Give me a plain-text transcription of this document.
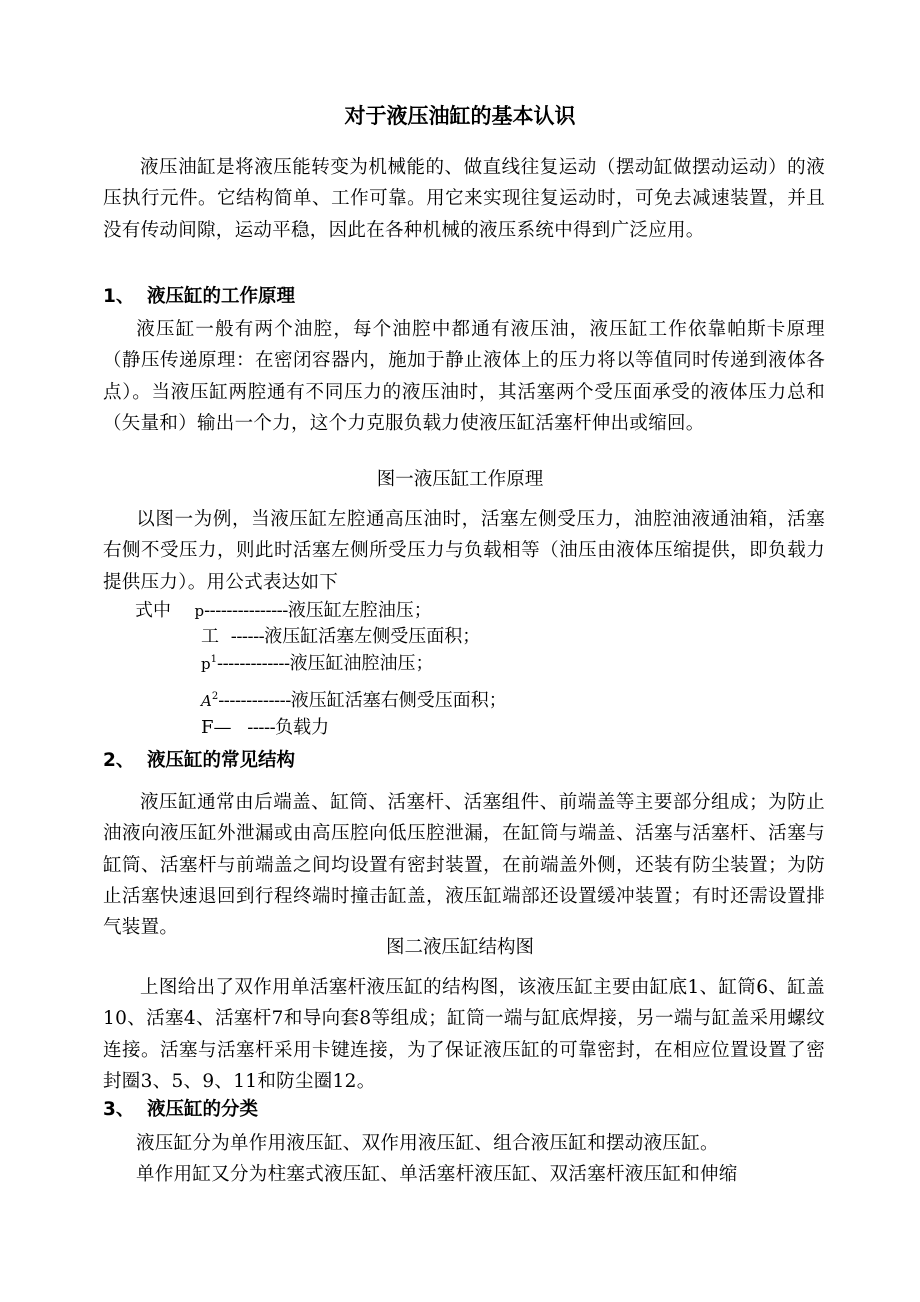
对于液压油缸的基本认识

液压油缸是将液压能转变为机械能的、做直线往复运动（摆动缸做摆动运动）的液压执行元件。它结构简单、工作可靠。用它来实现往复运动时，可免去减速装置，并且没有传动间隙，运动平稳，因此在各种机械的液压系统中得到广泛应用。

1、 液压缸的工作原理

液压缸一般有两个油腔，每个油腔中都通有液压油，液压缸工作依靠帕斯卡原理（静压传递原理：在密闭容器内，施加于静止液体上的压力将以等值同时传递到液体各点）。当液压缸两腔通有不同压力的液压油时，其活塞两个受压面承受的液体压力总和（矢量和）输出一个力，这个力克服负载力使液压缸活塞杆伸出或缩回。

图一液压缸工作原理

以图一为例，当液压缸左腔通高压油时，活塞左侧受压力，油腔油液通油箱，活塞右侧不受压力，则此时活塞左侧所受压力与负载相等（油压由液体压缩提供，即负载力提供压力）。用公式表达如下

式中 p---------------液压缸左腔油压；
工 ------液压缸活塞左侧受压面积；
$p^1-------------$液压缸油腔油压；
$A^2-------------$液压缸活塞右侧受压面积；
F— -----负载力
2、 液压缸的常见结构

液压缸通常由后端盖、缸筒、活塞杆、活塞组件、前端盖等主要部分组成；为防止油液向液压缸外泄漏或由高压腔向低压腔泄漏，在缸筒与端盖、活塞与活塞杆、活塞与缸筒、活塞杆与前端盖之间均设置有密封装置，在前端盖外侧，还装有防尘装置；为防止活塞快速退回到行程终端时撞击缸盖，液压缸端部还设置缓冲装置；有时还需设置排气装置。

图二液压缸结构图

上图给出了双作用单活塞杆液压缸的结构图，该液压缸主要由缸底1、缸筒6、缸盖10、活塞4、活塞杆7和导向套8等组成；缸筒一端与缸底焊接，另一端与缸盖采用螺纹连接。活塞与活塞杆采用卡键连接，为了保证液压缸的可靠密封，在相应位置设置了密封圈3、5、9、11和防尘圈12。

3、 液压缸的分类

液压缸分为单作用液压缸、双作用液压缸、组合液压缸和摆动液压缸。

单作用缸又分为柱塞式液压缸、单活塞杆液压缸、双活塞杆液压缸和伸缩
